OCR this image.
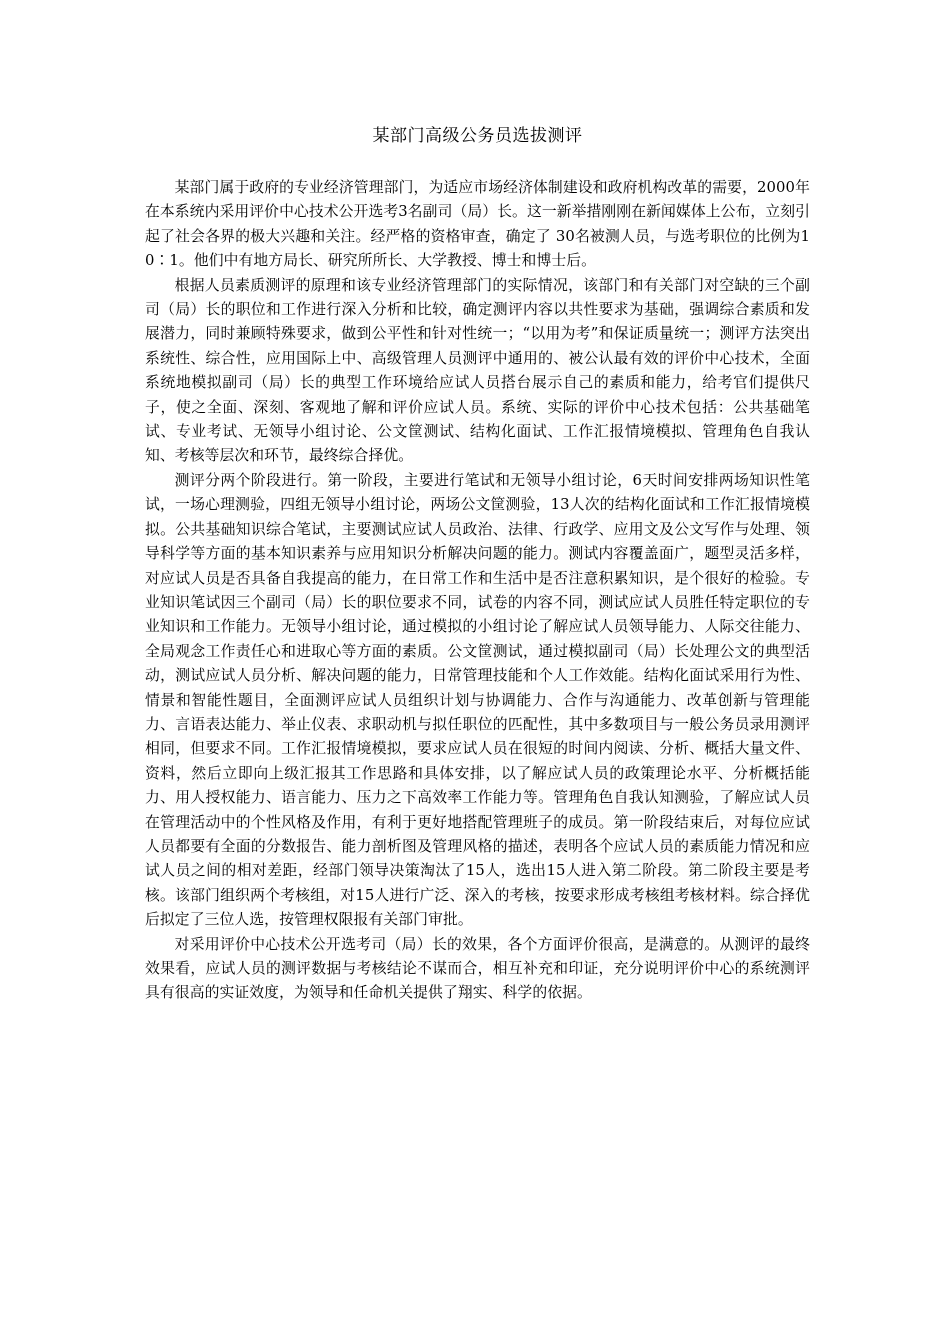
某部门高级公务员选拔测评

某部门属于政府的专业经济管理部门，为适应市场经济体制建设和政府机构改革的需要，2000年在本系统内采用评价中心技术公开选考3名副司（局）长。这一新举措刚刚在新闻媒体上公布，立刻引起了社会各界的极大兴趣和关注。经严格的资格审查，确定了 30名被测人员，与选考职位的比例为10∶1。他们中有地方局长、研究所所长、大学教授、博士和博士后。

根据人员素质测评的原理和该专业经济管理部门的实际情况，该部门和有关部门对空缺的三个副司（局）长的职位和工作进行深入分析和比较，确定测评内容以共性要求为基础，强调综合素质和发展潜力，同时兼顾特殊要求，做到公平性和针对性统一；“以用为考”和保证质量统一；测评方法突出系统性、综合性，应用国际上中、高级管理人员测评中通用的、被公认最有效的评价中心技术，全面系统地模拟副司（局）长的典型工作环境给应试人员搭台展示自己的素质和能力，给考官们提供尺子，使之全面、深刻、客观地了解和评价应试人员。系统、实际的评价中心技术包括：公共基础笔试、专业考试、无领导小组讨论、公文筐测试、结构化面试、工作汇报情境模拟、管理角色自我认知、考核等层次和环节，最终综合择优。

测评分两个阶段进行。第一阶段，主要进行笔试和无领导小组讨论，6天时间安排两场知识性笔试，一场心理测验，四组无领导小组讨论，两场公文筐测验，13人次的结构化面试和工作汇报情境模拟。公共基础知识综合笔试，主要测试应试人员政治、法律、行政学、应用文及公文写作与处理、领导科学等方面的基本知识素养与应用知识分析解决问题的能力。测试内容覆盖面广，题型灵活多样，对应试人员是否具备自我提高的能力，在日常工作和生活中是否注意积累知识，是个很好的检验。专业知识笔试因三个副司（局）长的职位要求不同，试卷的内容不同，测试应试人员胜任特定职位的专业知识和工作能力。无领导小组讨论，通过模拟的小组讨论了解应试人员领导能力、人际交往能力、全局观念工作责任心和进取心等方面的素质。公文筐测试，通过模拟副司（局）长处理公文的典型活动，测试应试人员分析、解决问题的能力，日常管理技能和个人工作效能。结构化面试采用行为性、情景和智能性题目，全面测评应试人员组织计划与协调能力、合作与沟通能力、改革创新与管理能力、言语表达能力、举止仪表、求职动机与拟任职位的匹配性，其中多数项目与一般公务员录用测评相同，但要求不同。工作汇报情境模拟，要求应试人员在很短的时间内阅读、分析、概括大量文件、资料，然后立即向上级汇报其工作思路和具体安排，以了解应试人员的政策理论水平、分析概括能力、用人授权能力、语言能力、压力之下高效率工作能力等。管理角色自我认知测验，了解应试人员在管理活动中的个性风格及作用，有利于更好地搭配管理班子的成员。第一阶段结束后，对每位应试人员都要有全面的分数报告、能力剖析图及管理风格的描述，表明各个应试人员的素质能力情况和应试人员之间的相对差距，经部门领导决策淘汰了15人，选出15人进入第二阶段。第二阶段主要是考核。该部门组织两个考核组，对15人进行广泛、深入的考核，按要求形成考核组考核材料。综合择优后拟定了三位人选，按管理权限报有关部门审批。

对采用评价中心技术公开选考司（局）长的效果，各个方面评价很高，是满意的。从测评的最终效果看，应试人员的测评数据与考核结论不谋而合，相互补充和印证，充分说明评价中心的系统测评具有很高的实证效度，为领导和任命机关提供了翔实、科学的依据。
